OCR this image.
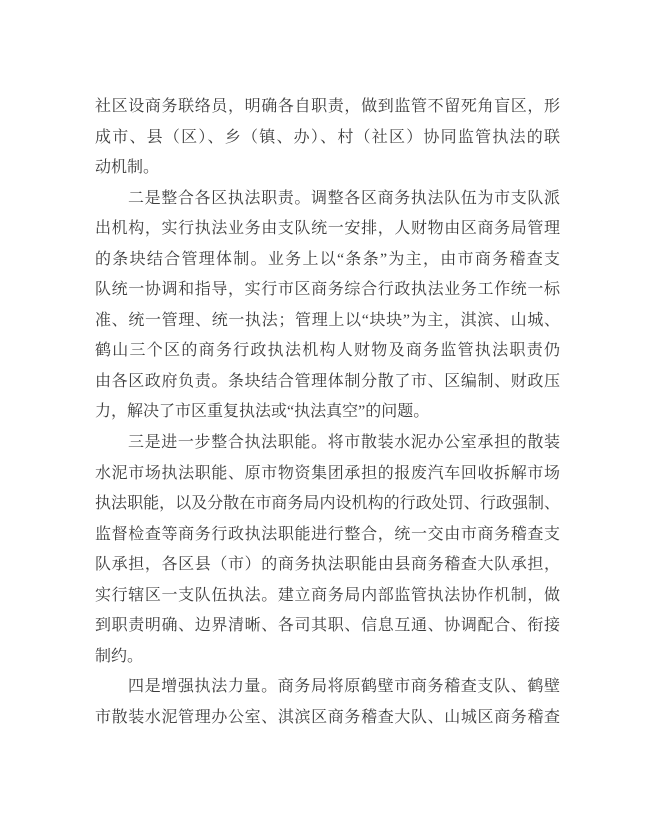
社区设商务联络员，明确各自职责，做到监管不留死角盲区，形
成市、县（区）、乡（镇、办）、村（社区）协同监管执法的联
动机制。
二是整合各区执法职责。调整各区商务执法队伍为市支队派
出机构，实行执法业务由支队统一安排，人财物由区商务局管理
的条块结合管理体制。业务上以“条条”为主，由市商务稽查支
队统一协调和指导，实行市区商务综合行政执法业务工作统一标
准、统一管理、统一执法；管理上以“块块”为主，淇滨、山城、
鹤山三个区的商务行政执法机构人财物及商务监管执法职责仍
由各区政府负责。条块结合管理体制分散了市、区编制、财政压
力，解决了市区重复执法或“执法真空”的问题。
三是进一步整合执法职能。将市散装水泥办公室承担的散装
水泥市场执法职能、原市物资集团承担的报废汽车回收拆解市场
执法职能，以及分散在市商务局内设机构的行政处罚、行政强制、
监督检查等商务行政执法职能进行整合，统一交由市商务稽查支
队承担，各区县（市）的商务执法职能由县商务稽查大队承担，
实行辖区一支队伍执法。建立商务局内部监管执法协作机制，做
到职责明确、边界清晰、各司其职、信息互通、协调配合、衔接
制约。
四是增强执法力量。商务局将原鹤壁市商务稽查支队、鹤壁
市散装水泥管理办公室、淇滨区商务稽查大队、山城区商务稽查
